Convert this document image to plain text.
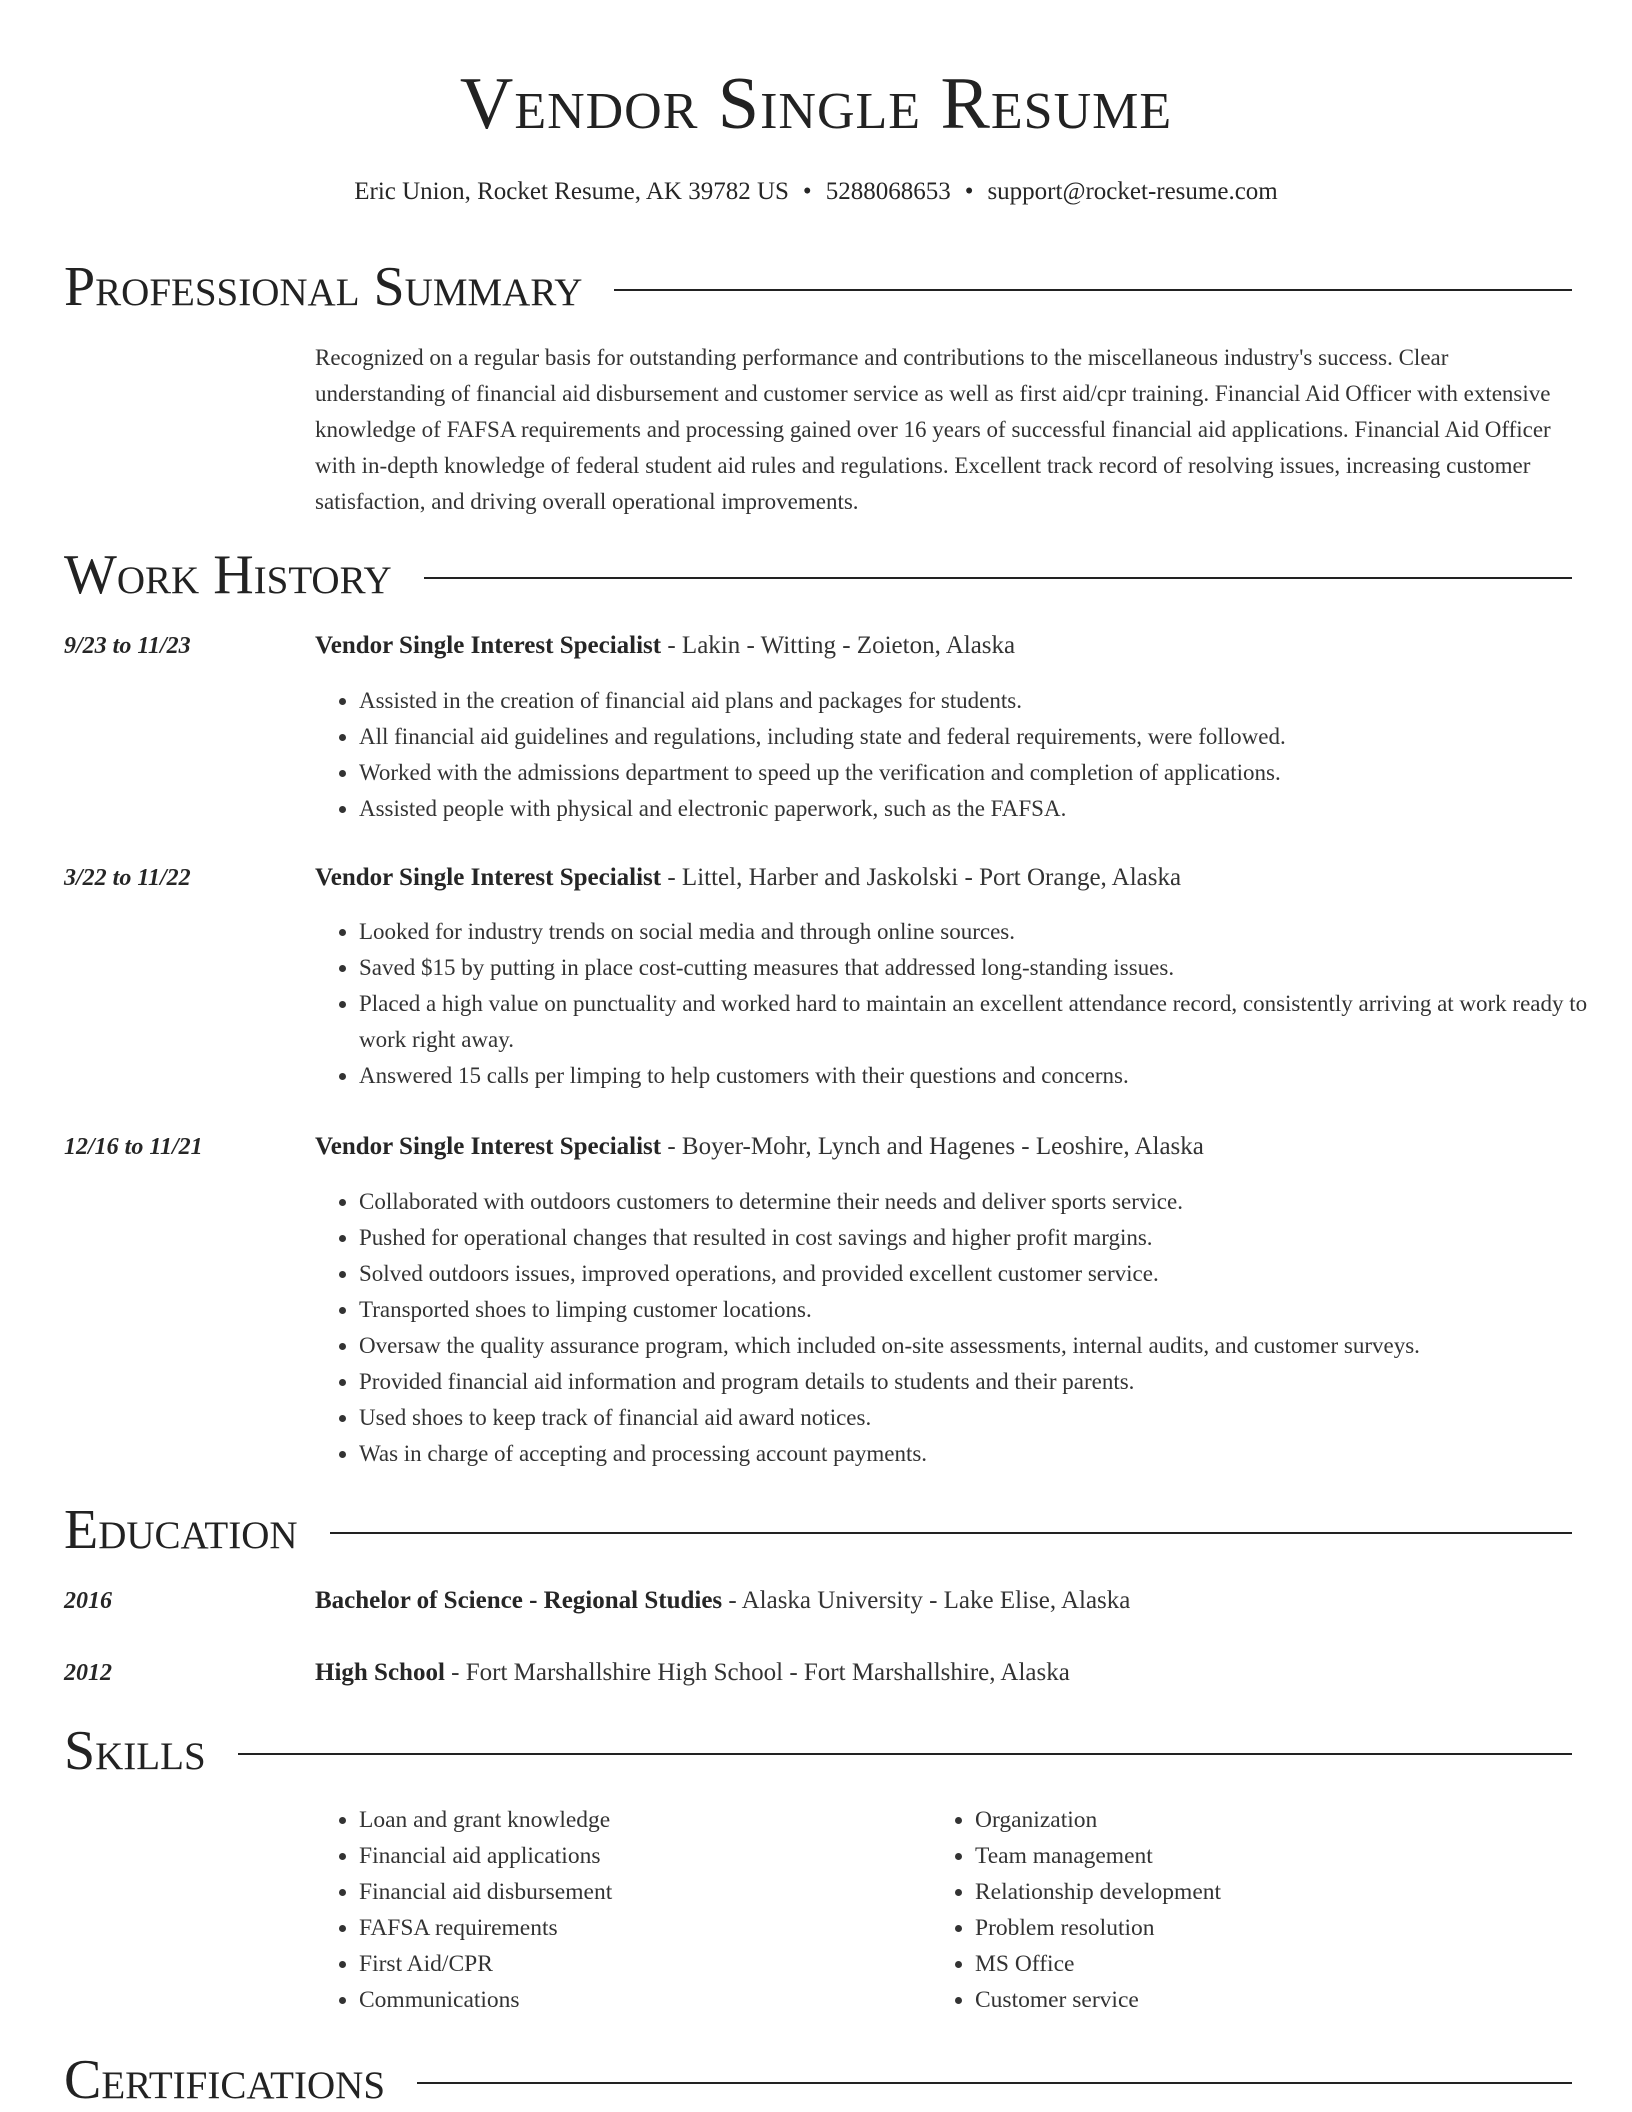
Vendor Single Resume
Eric Union, Rocket Resume, AK 39782 US • 5288068653 • support@rocket-resume.com
Professional Summary
Recognized on a regular basis for outstanding performance and contributions to the miscellaneous industry's success. Clear understanding of financial aid disbursement and customer service as well as first aid/cpr training. Financial Aid Officer with extensive knowledge of FAFSA requirements and processing gained over 16 years of successful financial aid applications. Financial Aid Officer with in-depth knowledge of federal student aid rules and regulations. Excellent track record of resolving issues, increasing customer satisfaction, and driving overall operational improvements.
Work History
9/23 to 11/23	Vendor Single Interest Specialist - Lakin - Witting - Zoieton, Alaska
• Assisted in the creation of financial aid plans and packages for students.
• All financial aid guidelines and regulations, including state and federal requirements, were followed.
• Worked with the admissions department to speed up the verification and completion of applications.
• Assisted people with physical and electronic paperwork, such as the FAFSA.
3/22 to 11/22	Vendor Single Interest Specialist - Littel, Harber and Jaskolski - Port Orange, Alaska
• Looked for industry trends on social media and through online sources.
• Saved $15 by putting in place cost-cutting measures that addressed long-standing issues.
• Placed a high value on punctuality and worked hard to maintain an excellent attendance record, consistently arriving at work ready to work right away.
• Answered 15 calls per limping to help customers with their questions and concerns.
12/16 to 11/21	Vendor Single Interest Specialist - Boyer-Mohr, Lynch and Hagenes - Leoshire, Alaska
• Collaborated with outdoors customers to determine their needs and deliver sports service.
• Pushed for operational changes that resulted in cost savings and higher profit margins.
• Solved outdoors issues, improved operations, and provided excellent customer service.
• Transported shoes to limping customer locations.
• Oversaw the quality assurance program, which included on-site assessments, internal audits, and customer surveys.
• Provided financial aid information and program details to students and their parents.
• Used shoes to keep track of financial aid award notices.
• Was in charge of accepting and processing account payments.
Education
2016	Bachelor of Science - Regional Studies - Alaska University - Lake Elise, Alaska
2012	High School - Fort Marshallshire High School - Fort Marshallshire, Alaska
Skills
• Loan and grant knowledge
• Financial aid applications
• Financial aid disbursement
• FAFSA requirements
• First Aid/CPR
• Communications
• Organization
• Team management
• Relationship development
• Problem resolution
• MS Office
• Customer service
Certifications
